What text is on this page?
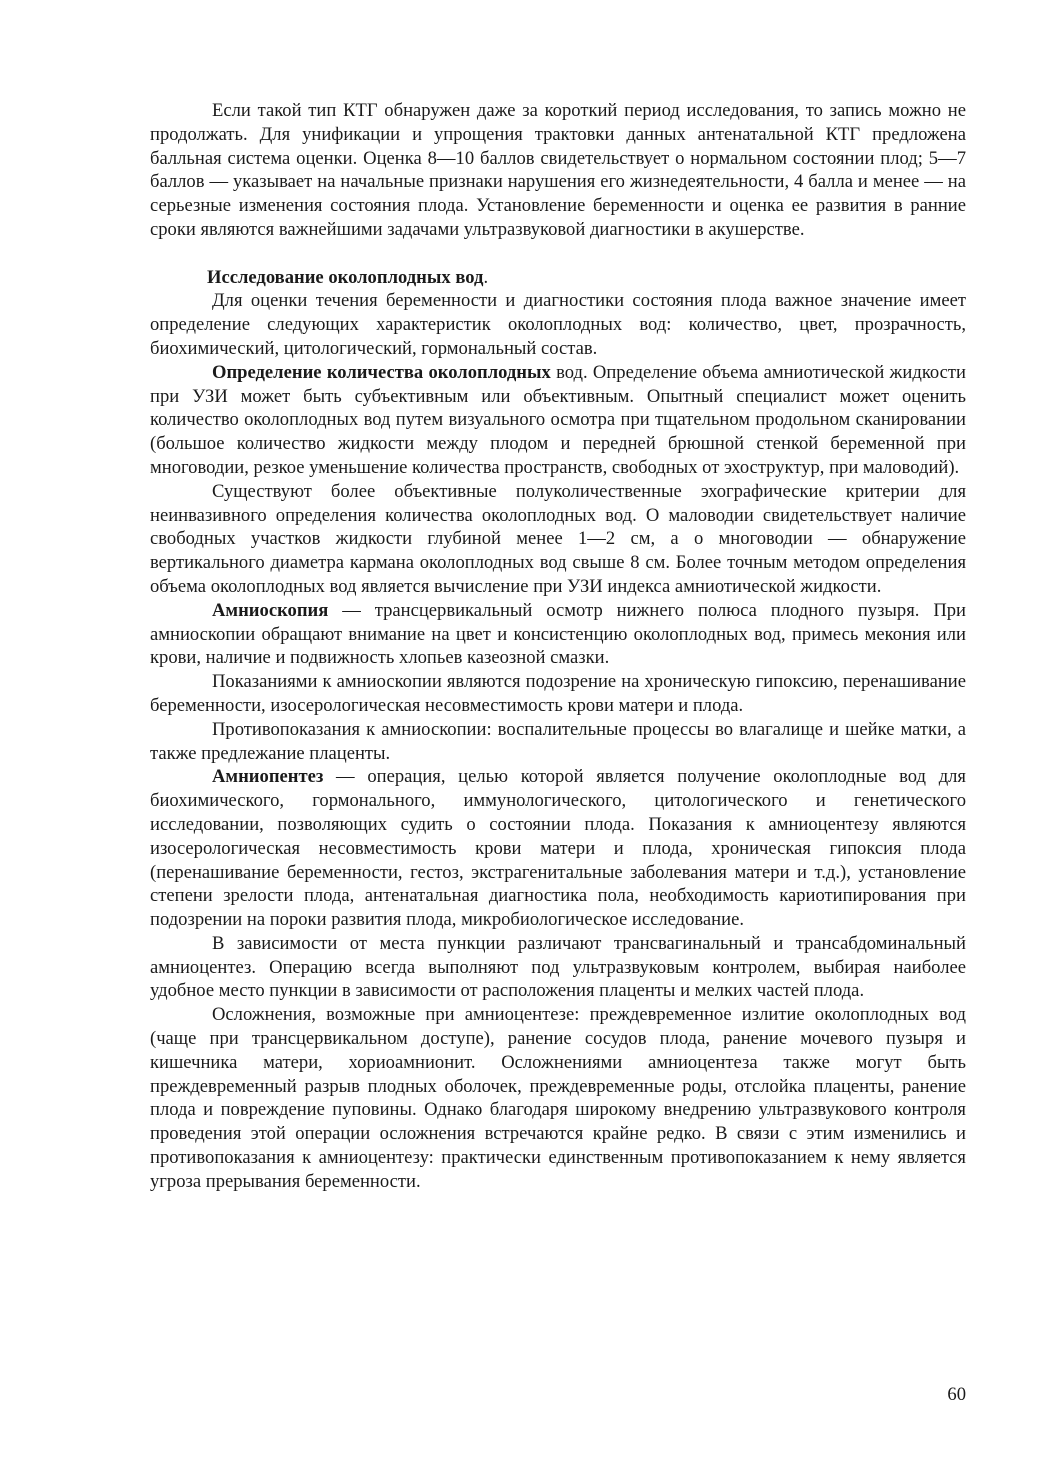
Если такой тип КТГ обнаружен даже за короткий период исследования, то запись можно не продолжать. Для унификации и упрощения трактовки данных антенатальной КТГ предложена балльная система оценки. Оценка 8—10 баллов свидетельствует о нормальном состоянии плод; 5—7 баллов — указывает на начальные признаки нарушения его жизнедеятельности, 4 балла и менее — на серьезные изменения состояния плода. Установление беременности и оценка ее развития в ранние сроки являются важнейшими задачами ультразвуковой диагностики в акушерстве.

Исследование околоплодных вод.

Для оценки течения беременности и диагностики состояния плода важное значение имеет определение следующих характеристик околоплодных вод: количество, цвет, прозрачность, биохимический, цитологический, гормональный состав.

Определение количества околоплодных вод. Определение объема амниотической жидкости при УЗИ может быть субъективным или объективным. Опытный специалист может оценить количество околоплодных вод путем визуального осмотра при тщательном продольном сканировании (большое количество жидкости между плодом и передней брюшной стенкой беременной при многоводии, резкое уменьшение количества пространств, свободных от эхоструктур, при маловодий).

Существуют более объективные полуколичественные эхографические критерии для неинвазивного определения количества околоплодных вод. О маловодии свидетельствует наличие свободных участков жидкости глубиной менее 1—2 см, а о многоводии — обнаружение вертикального диаметра кармана околоплодных вод свыше 8 см. Более точным методом определения объема околоплодных вод является вычисление при УЗИ индекса амниотической жидкости.

Амниоскопия — трансцервикальный осмотр нижнего полюса плодного пузыря. При амниоскопии обращают внимание на цвет и консистенцию околоплодных вод, примесь мекония или крови, наличие и подвижность хлопьев казеозной смазки.

Показаниями к амниоскопии являются подозрение на хроническую гипоксию, перенашивание беременности, изосерологическая несовместимость крови матери и плода.

Противопоказания к амниоскопии: воспалительные процессы во влагалище и шейке матки, а также предлежание плаценты.

Амниопентез — операция, целью которой является получение околоплодные вод для биохимического, гормонального, иммунологического, цитологического и генетического исследовании, позволяющих судить о состоянии плода. Показания к амниоцентезу являются изосерологическая несовместимость крови матери и плода, хроническая гипоксия плода (перенашивание беременности, гестоз, экстрагенитальные заболевания матери и т.д.), установление степени зрелости плода, антенатальная диагностика пола, необходимость кариотипирования при подозрении на пороки развития плода, микробиологическое исследование.

В зависимости от места пункции различают трансвагинальный и трансабдоминальный амниоцентез. Операцию всегда выполняют под ультразвуковым контролем, выбирая наиболее удобное место пункции в зависимости от расположения плаценты и мелких частей плода.

Осложнения, возможные при амниоцентезе: преждевременное излитие околоплодных вод (чаще при трансцервикальном доступе), ранение сосудов плода, ранение мочевого пузыря и кишечника матери, хориоамнионит. Осложнениями амниоцентеза также могут быть преждевременный разрыв плодных оболочек, преждевременные роды, отслойка плаценты, ранение плода и повреждение пуповины. Однако благодаря широкому внедрению ультразвукового контроля проведения этой операции осложнения встречаются крайне редко. В связи с этим изменились и противопоказания к амниоцентезу: практически единственным противопоказанием к нему является угроза прерывания беременности.

60
